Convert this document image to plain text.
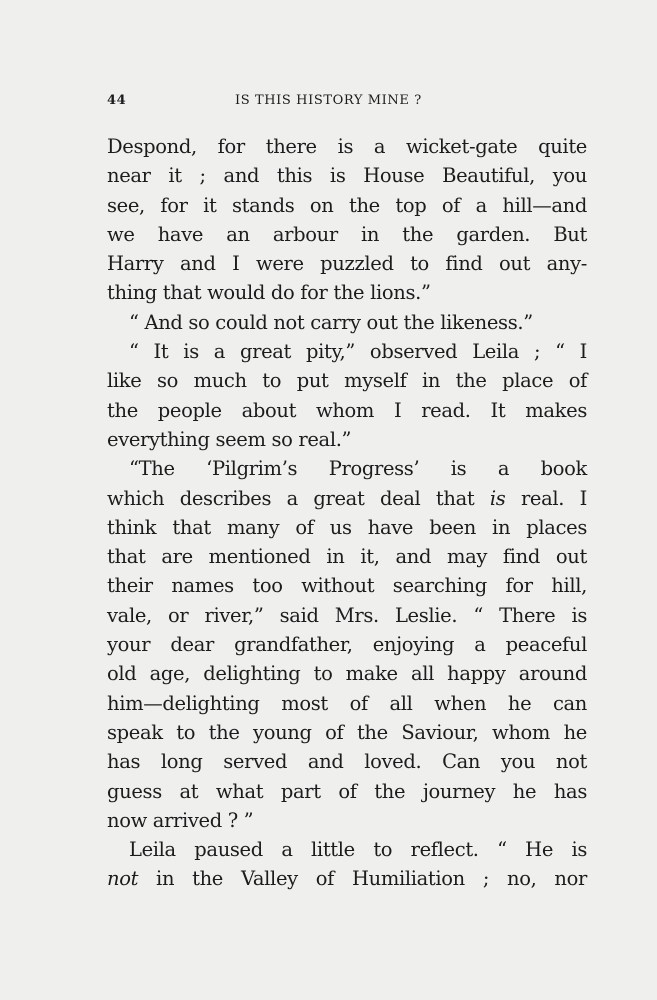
44	IS THIS HISTORY MINE ?
Despond, for there is a wicket-gate quite
near it ; and this is House Beautiful, you
see, for it stands on the top of a hill—and
we have an arbour in the garden. But
Harry and I were puzzled to find out any-
thing that would do for the lions.”
“ And so could not carry out the likeness.”
“ It is a great pity,” observed Leila ; “ I
like so much to put myself in the place of
the people about whom I read. It makes
everything seem so real.”
“The ‘Pilgrim’s Progress’ is a book
which describes a great deal that is real. I
think that many of us have been in places
that are mentioned in it, and may find out
their names too without searching for hill,
vale, or river,” said Mrs. Leslie. “ There is
your dear grandfather, enjoying a peaceful
old age, delighting to make all happy around
him—delighting most of all when he can
speak to the young of the Saviour, whom he
has long served and loved. Can you not
guess at what part of the journey he has
now arrived ? ”
Leila paused a little to reflect. “ He is
not in the Valley of Humiliation ; no, nor
